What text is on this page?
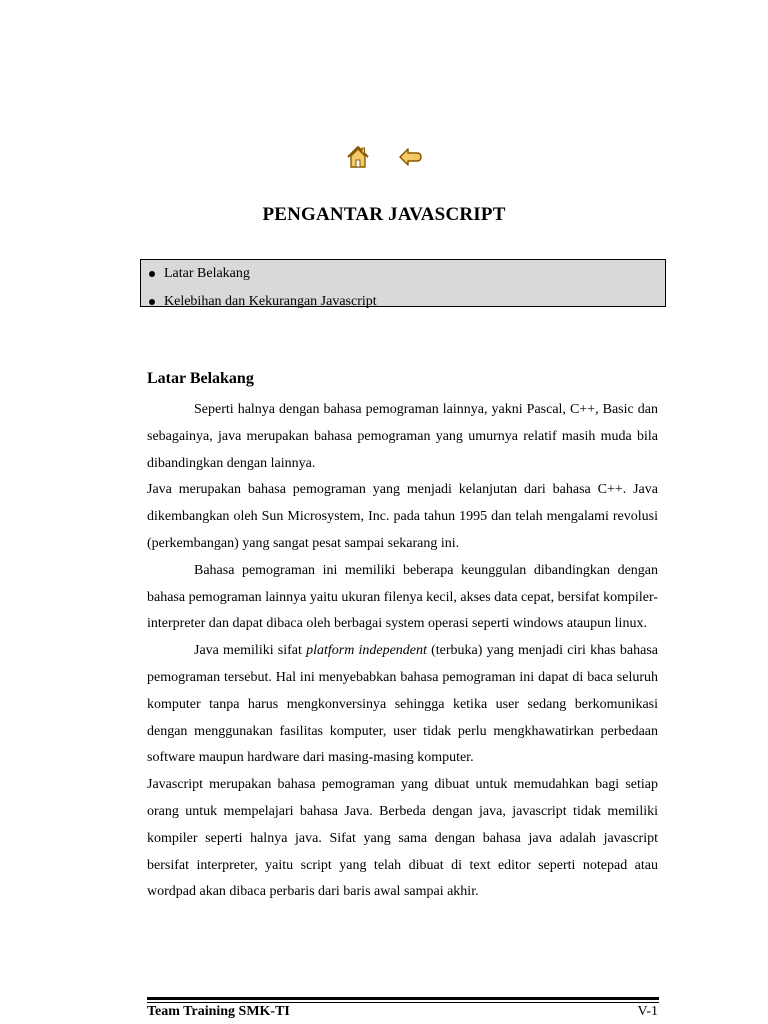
PENGANTAR JAVASCRIPT
Latar Belakang
Kelebihan dan Kekurangan Javascript
Latar Belakang

Seperti halnya dengan bahasa pemograman lainnya, yakni Pascal, C++, Basic dan sebagainya, java merupakan bahasa pemograman yang umurnya relatif masih muda bila dibandingkan dengan lainnya.

Java merupakan bahasa pemograman yang menjadi kelanjutan dari bahasa C++. Java dikembangkan oleh Sun Microsystem, Inc. pada tahun 1995 dan telah mengalami revolusi (perkembangan) yang sangat pesat sampai sekarang ini.

Bahasa pemograman ini memiliki beberapa keunggulan dibandingkan dengan bahasa pemograman lainnya yaitu ukuran filenya kecil, akses data cepat, bersifat kompiler-interpreter dan dapat dibaca oleh berbagai system operasi seperti windows ataupun linux.

Java memiliki sifat platform independent (terbuka) yang menjadi ciri khas bahasa pemograman tersebut. Hal ini menyebabkan bahasa pemograman ini dapat di baca seluruh komputer tanpa harus mengkonversinya sehingga ketika user sedang berkomunikasi dengan menggunakan fasilitas komputer, user tidak perlu mengkhawatirkan perbedaan software maupun hardware dari masing-masing komputer.

Javascript merupakan bahasa pemograman yang dibuat untuk memudahkan bagi setiap orang untuk mempelajari bahasa Java. Berbeda dengan java, javascript tidak memiliki kompiler seperti halnya java. Sifat yang sama dengan bahasa java adalah javascript bersifat interpreter, yaitu script yang telah dibuat di text editor seperti notepad atau wordpad akan dibaca perbaris dari baris awal sampai akhir.

Team Training SMK-TI	V-1
